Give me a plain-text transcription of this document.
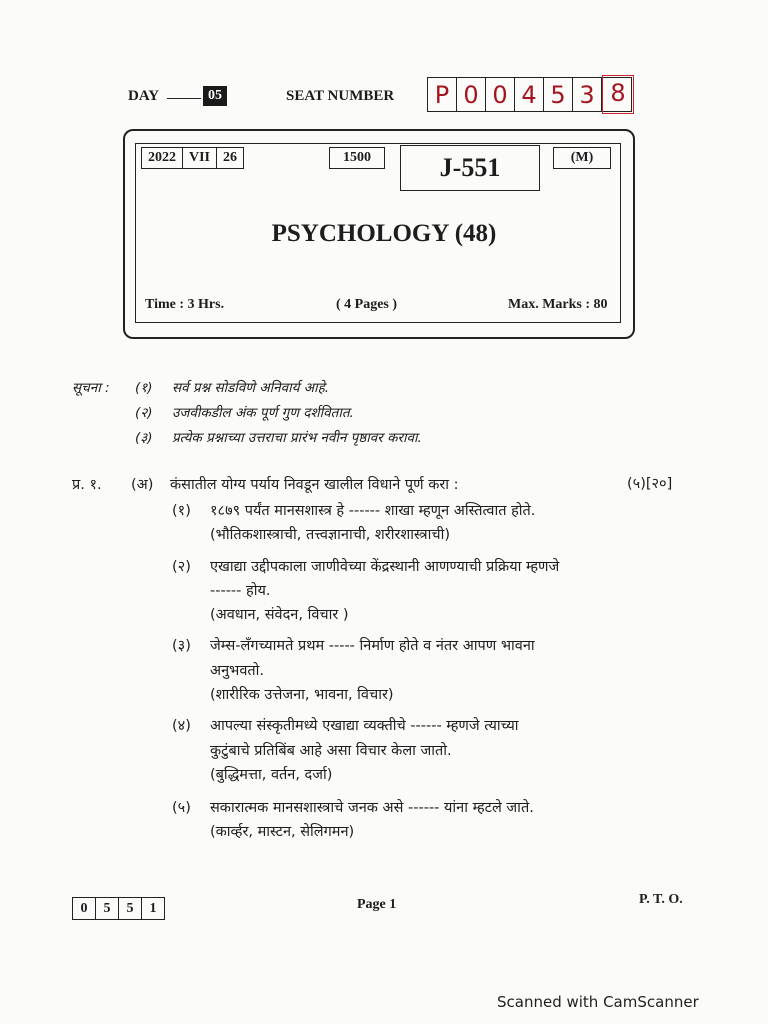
DAY	05	SEAT NUMBER P 0 0 4 5 3 8
2022 VII 26	1500	J-551	(M)
PSYCHOLOGY (48)
Time : 3 Hrs.	( 4 Pages )	Max. Marks : 80
सूचना : (१) सर्व प्रश्न सोडविणे अनिवार्य आहे.
(२) उजवीकडील अंक पूर्ण गुण दर्शवितात.
(३) प्रत्येक प्रश्नाच्या उत्तराचा प्रारंभ नवीन पृष्ठावर करावा.
प्र. १. (अ) कंसातील योग्य पर्याय निवडून खालील विधाने पूर्ण करा :	(५)[२०]
(१) १८७९ पर्यंत मानसशास्त्र हे ------ शाखा म्हणून अस्तित्वात होते.
(भौतिकशास्त्राची, तत्त्वज्ञानाची, शरीरशास्त्राची)
(२) एखाद्या उद्दीपकाला जाणीवेच्या केंद्रस्थानी आणण्याची प्रक्रिया म्हणजे
------ होय.
(अवधान, संवेदन, विचार )
(३) जेम्स-लँगच्यामते प्रथम ----- निर्माण होते व नंतर आपण भावना
अनुभवतो.
(शारीरिक उत्तेजना, भावना, विचार)
(४) आपल्या संस्कृतीमध्ये एखाद्या व्यक्तीचे ------ म्हणजे त्याच्या
कुटुंबाचे प्रतिबिंब आहे असा विचार केला जातो.
(बुद्धिमत्ता, वर्तन, दर्जा)
(५) सकारात्मक मानसशास्त्राचे जनक असे ------ यांना म्हटले जाते.
(कार्व्हर, मास्टन, सेलिगमन)
0	5	5	1	Page 1	P. T. O.
Scanned with CamScanner
